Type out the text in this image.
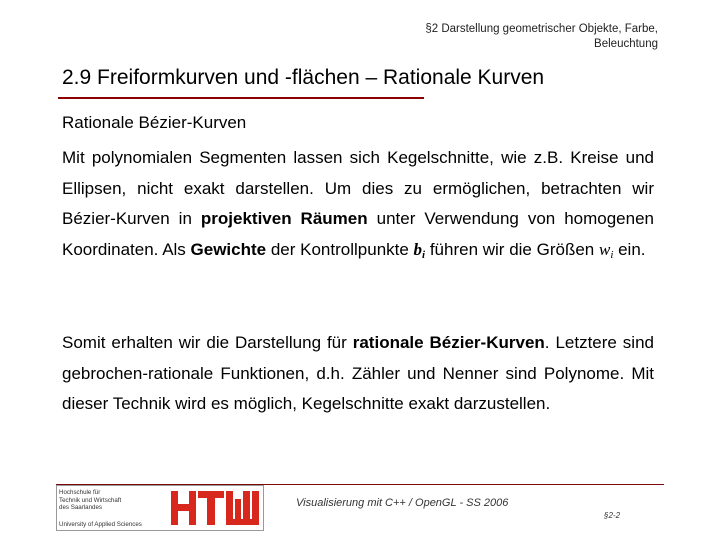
§2 Darstellung geometrischer Objekte, Farbe,
Beleuchtung
2.9 Freiformkurven und -flächen – Rationale Kurven
Rationale Bézier-Kurven
Mit polynomialen Segmenten lassen sich Kegelschnitte, wie z.B. Kreise und Ellipsen, nicht exakt darstellen. Um dies zu ermöglichen, betrachten wir Bézier-Kurven in projektiven Räumen unter Verwendung von homogenen Koordinaten. Als Gewichte der Kontrollpunkte $b_i$ führen wir die Größen $w_i$ ein.
Somit erhalten wir die Darstellung für rationale Bézier-Kurven. Letztere sind gebrochen-rationale Funktionen, d.h. Zähler und Nenner sind Polynome. Mit dieser Technik wird es möglich, Kegelschnitte exakt darzustellen.
Hochschule für
Technik und Wirtschaft
des Saarlandes
University of Applied Sciences
Visualisierung mit C++ / OpenGL - SS 2006
§2-2
